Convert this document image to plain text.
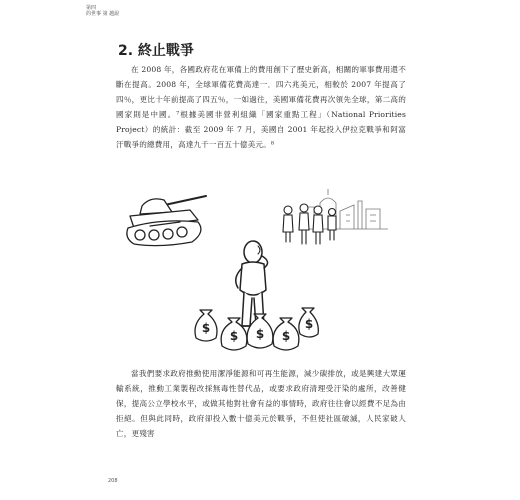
第四
的世事 第 越說
2. 終止戰爭

在 2008 年，各國政府花在軍備上的費用創下了歷史新高，相關的軍事費用還不斷在提高。2008 年，全球軍備花費高達一．四六兆美元，相較於 2007 年提高了四％，更比十年前提高了四五％，一如過往，美國軍備花費再次領先全球，第二高的國家則是中國。⁷根據美國非營利組織「國家重點工程」（National Priorities Project）的統計：截至 2009 年 7 月，美國自 2001 年起投入伊拉克戰爭和阿富汗戰爭的總費用，高達九千一百五十億美元。⁸

$
$ $ $
$

當我們要求政府推動使用潔淨能源和可再生能源，減少碳排放，或是興建大眾運輸系統，推動工業製程改採無毒性替代品，或要求政府清理受汙染的處所，改善健保，提高公立學校水平，或做其他對社會有益的事情時，政府往往會以經費不足為由拒絕。但與此同時，政府卻投入數十億美元於戰爭，不但使社區破滅，人民家破人亡，更殘害

208
